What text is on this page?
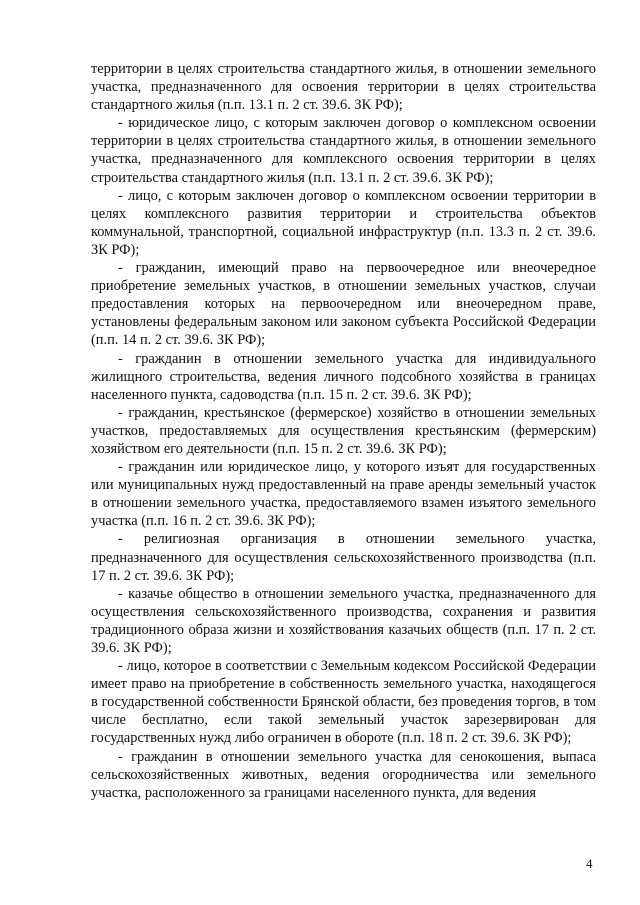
территории в целях строительства стандартного жилья, в отношении земельного участка, предназначенного для освоения территории в целях строительства стандартного жилья (п.п. 13.1 п. 2 ст. 39.6. ЗК РФ);

- юридическое лицо, с которым заключен договор о комплексном освоении территории в целях строительства стандартного жилья, в отношении земельного участка, предназначенного для комплексного освоения территории в целях строительства стандартного жилья (п.п. 13.1 п. 2 ст. 39.6. ЗК РФ);

- лицо, с которым заключен договор о комплексном освоении территории в целях комплексного развития территории и строительства объектов коммунальной, транспортной, социальной инфраструктур (п.п. 13.3 п. 2 ст. 39.6. ЗК РФ);

- гражданин, имеющий право на первоочередное или внеочередное приобретение земельных участков, в отношении земельных участков, случаи предоставления которых на первоочередном или внеочередном праве, установлены федеральным законом или законом субъекта Российской Федерации (п.п. 14 п. 2 ст. 39.6. ЗК РФ);

- гражданин в отношении земельного участка для индивидуального жилищного строительства, ведения личного подсобного хозяйства в границах населенного пункта, садоводства (п.п. 15 п. 2 ст. 39.6. ЗК РФ);

- гражданин, крестьянское (фермерское) хозяйство в отношении земельных участков, предоставляемых для осуществления крестьянским (фермерским) хозяйством его деятельности (п.п. 15 п. 2 ст. 39.6. ЗК РФ);

- гражданин или юридическое лицо, у которого изъят для государственных или муниципальных нужд предоставленный на праве аренды земельный участок в отношении земельного участка, предоставляемого взамен изъятого земельного участка (п.п. 16 п. 2 ст. 39.6. ЗК РФ);

- религиозная организация в отношении земельного участка, предназначенного для осуществления сельскохозяйственного производства (п.п. 17 п. 2 ст. 39.6. ЗК РФ);

- казачье общество в отношении земельного участка, предназначенного для осуществления сельскохозяйственного производства, сохранения и развития традиционного образа жизни и хозяйствования казачьих обществ (п.п. 17 п. 2 ст. 39.6. ЗК РФ);

- лицо, которое в соответствии с Земельным кодексом Российской Федерации имеет право на приобретение в собственность земельного участка, находящегося в государственной собственности Брянской области, без проведения торгов, в том числе бесплатно, если такой земельный участок зарезервирован для государственных нужд либо ограничен в обороте (п.п. 18 п. 2 ст. 39.6. ЗК РФ);

- гражданин в отношении земельного участка для сенокошения, выпаса сельскохозяйственных животных, ведения огородничества или земельного участка, расположенного за границами населенного пункта, для ведения

4
